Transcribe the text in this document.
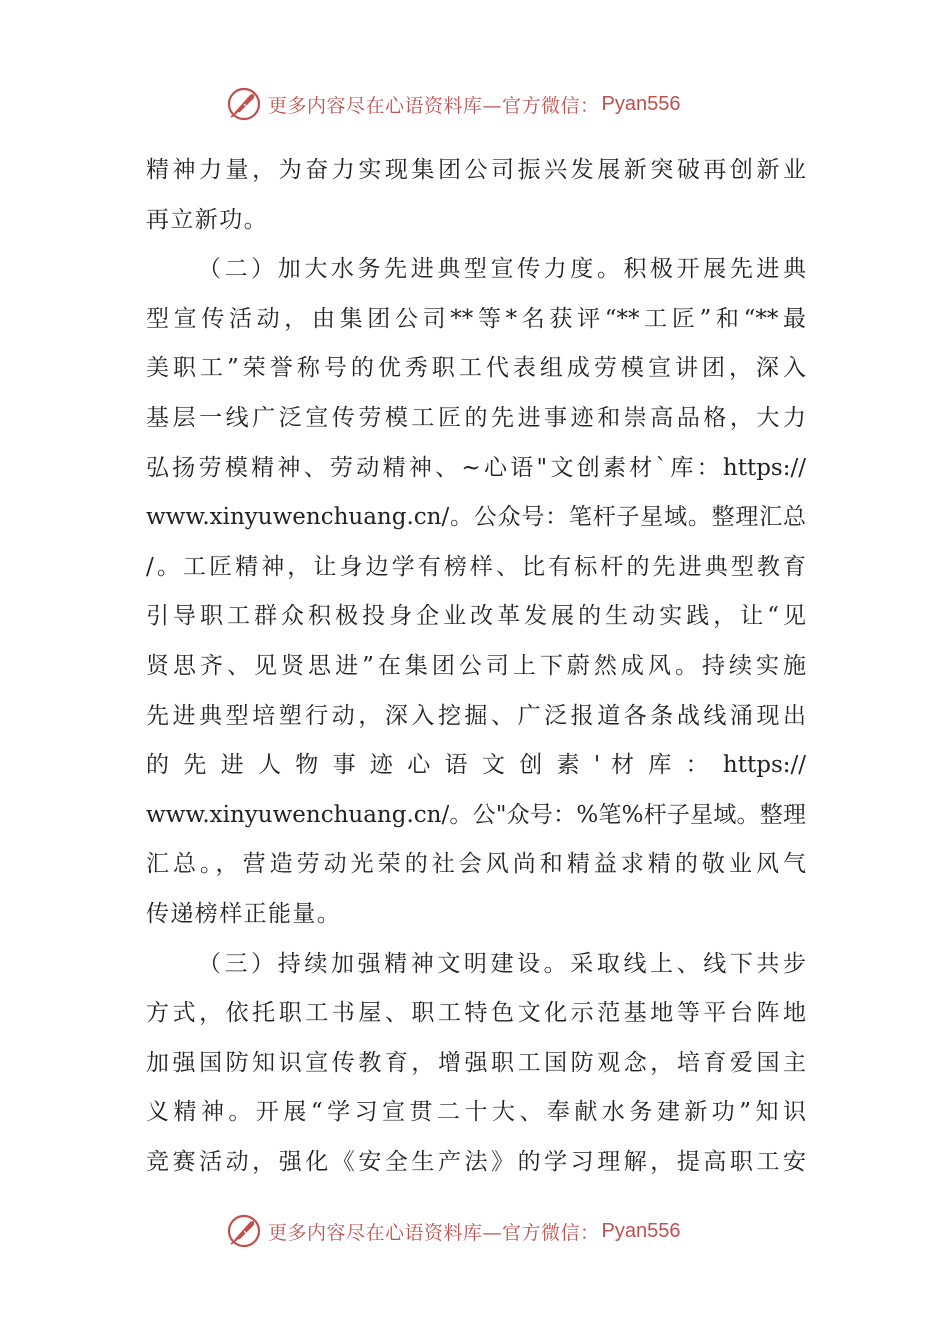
更多内容尽在心语资料库—官方微信： Pyan556
精神力量，为奋力实现集团公司振兴发展新突破再创新业
再立新功。
（二）加大水务先进典型宣传力度。积极开展先进典
型宣传活动，由集团公司**等*名获评“**工匠”和“**最
美职工”荣誉称号的优秀职工代表组成劳模宣讲团，深入
基层一线广泛宣传劳模工匠的先进事迹和崇高品格，大力
弘扬劳模精神、劳动精神、~心语"文创素材`库：https://
www.xinyuwenchuang.cn/。公众号：笔杆子星域。整理汇总
/。工匠精神，让身边学有榜样、比有标杆的先进典型教育
引导职工群众积极投身企业改革发展的生动实践，让“见
贤思齐、见贤思进”在集团公司上下蔚然成风。持续实施
先进典型培塑行动，深入挖掘、广泛报道各条战线涌现出
的 先 进 人 物 事 迹 心 语 文 创 素 ' 材 库 ： https://
www.xinyuwenchuang.cn/。公"众号：%笔%杆子星域。整理
汇总。，营造劳动光荣的社会风尚和精益求精的敬业风气
传递榜样正能量。
（三）持续加强精神文明建设。采取线上、线下共步
方式，依托职工书屋、职工特色文化示范基地等平台阵地
加强国防知识宣传教育，增强职工国防观念，培育爱国主
义精神。开展“学习宣贯二十大、奉献水务建新功”知识
竞赛活动，强化《安全生产法》的学习理解，提高职工安
更多内容尽在心语资料库—官方微信： Pyan556
